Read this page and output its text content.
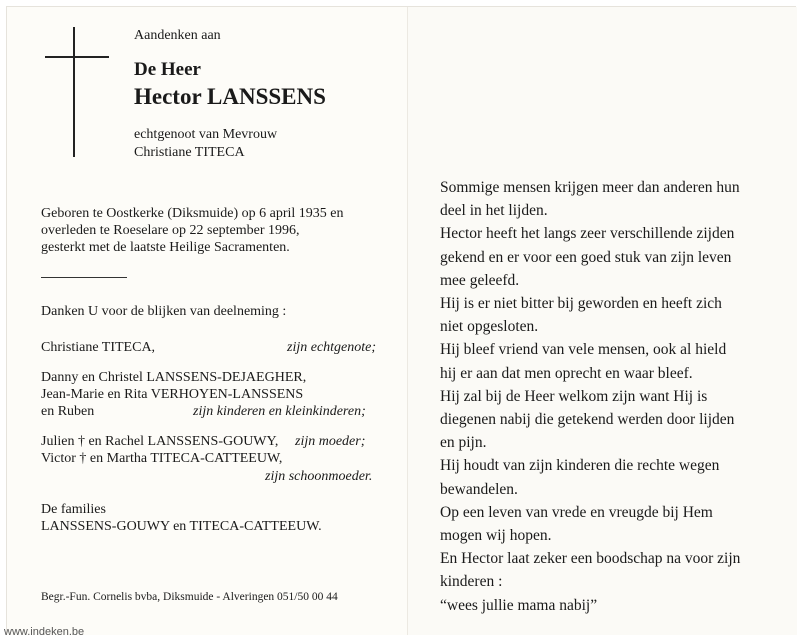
Aandenken aan
De Heer
Hector LANSSENS
echtgenoot van Mevrouw
Christiane TITECA
Geboren te Oostkerke (Diksmuide) op 6 april 1935 en
overleden te Roeselare op 22 september 1996,
gesterkt met de laatste Heilige Sacramenten.
Danken U voor de blijken van deelneming :
Christiane TITECA,	zijn echtgenote;
Danny en Christel LANSSENS-DEJAEGHER,
Jean-Marie en Rita VERHOYEN-LANSSENS
en Ruben	zijn kinderen en kleinkinderen;
Julien † en Rachel LANSSENS-GOUWY, zijn moeder;
Victor † en Martha TITECA-CATTEEUW,
zijn schoonmoeder.
De families
LANSSENS-GOUWY en TITECA-CATTEEUW.
Begr.-Fun. Cornelis bvba, Diksmuide - Alveringen 051/50 00 44
Sommige mensen krijgen meer dan anderen hun
deel in het lijden.
Hector heeft het langs zeer verschillende zijden
gekend en er voor een goed stuk van zijn leven
mee geleefd.
Hij is er niet bitter bij geworden en heeft zich
niet opgesloten.
Hij bleef vriend van vele mensen, ook al hield
hij er aan dat men oprecht en waar bleef.
Hij zal bij de Heer welkom zijn want Hij is
diegenen nabij die getekend werden door lijden
en pijn.
Hij houdt van zijn kinderen die rechte wegen
bewandelen.
Op een leven van vrede en vreugde bij Hem
mogen wij hopen.
En Hector laat zeker een boodschap na voor zijn
kinderen :
“wees jullie mama nabij”
www.indeken.be
